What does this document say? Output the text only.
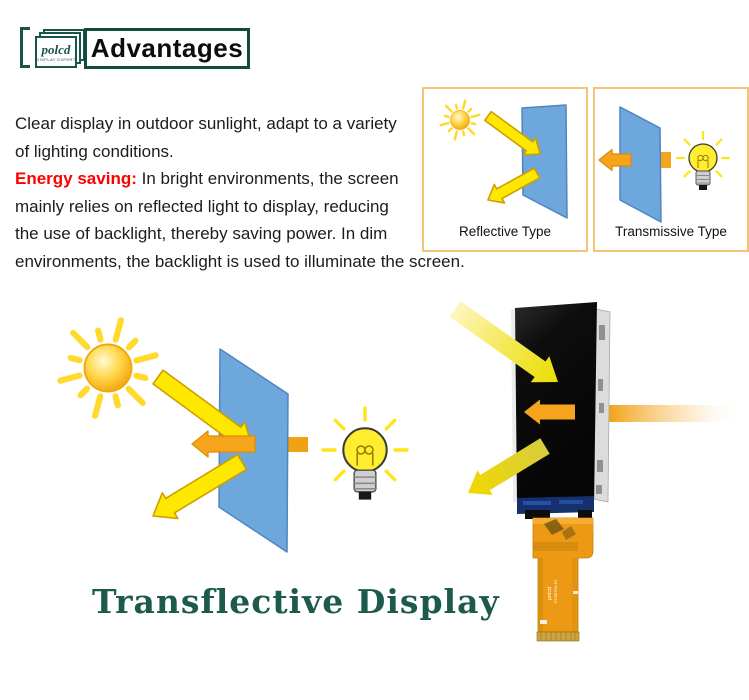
polcd
DISPLAY EXPERT Advantages
Clear display in outdoor sunlight, adapt to a variety
of lighting conditions.
Energy saving: In bright environments, the screen
mainly relies on reflected light to display, reducing
the use of backlight, thereby saving power. In dim
environments, the backlight is used to illuminate the screen.
Reflective Type	Transmissive Type
polcd PC98T59-43
Transflective Display
